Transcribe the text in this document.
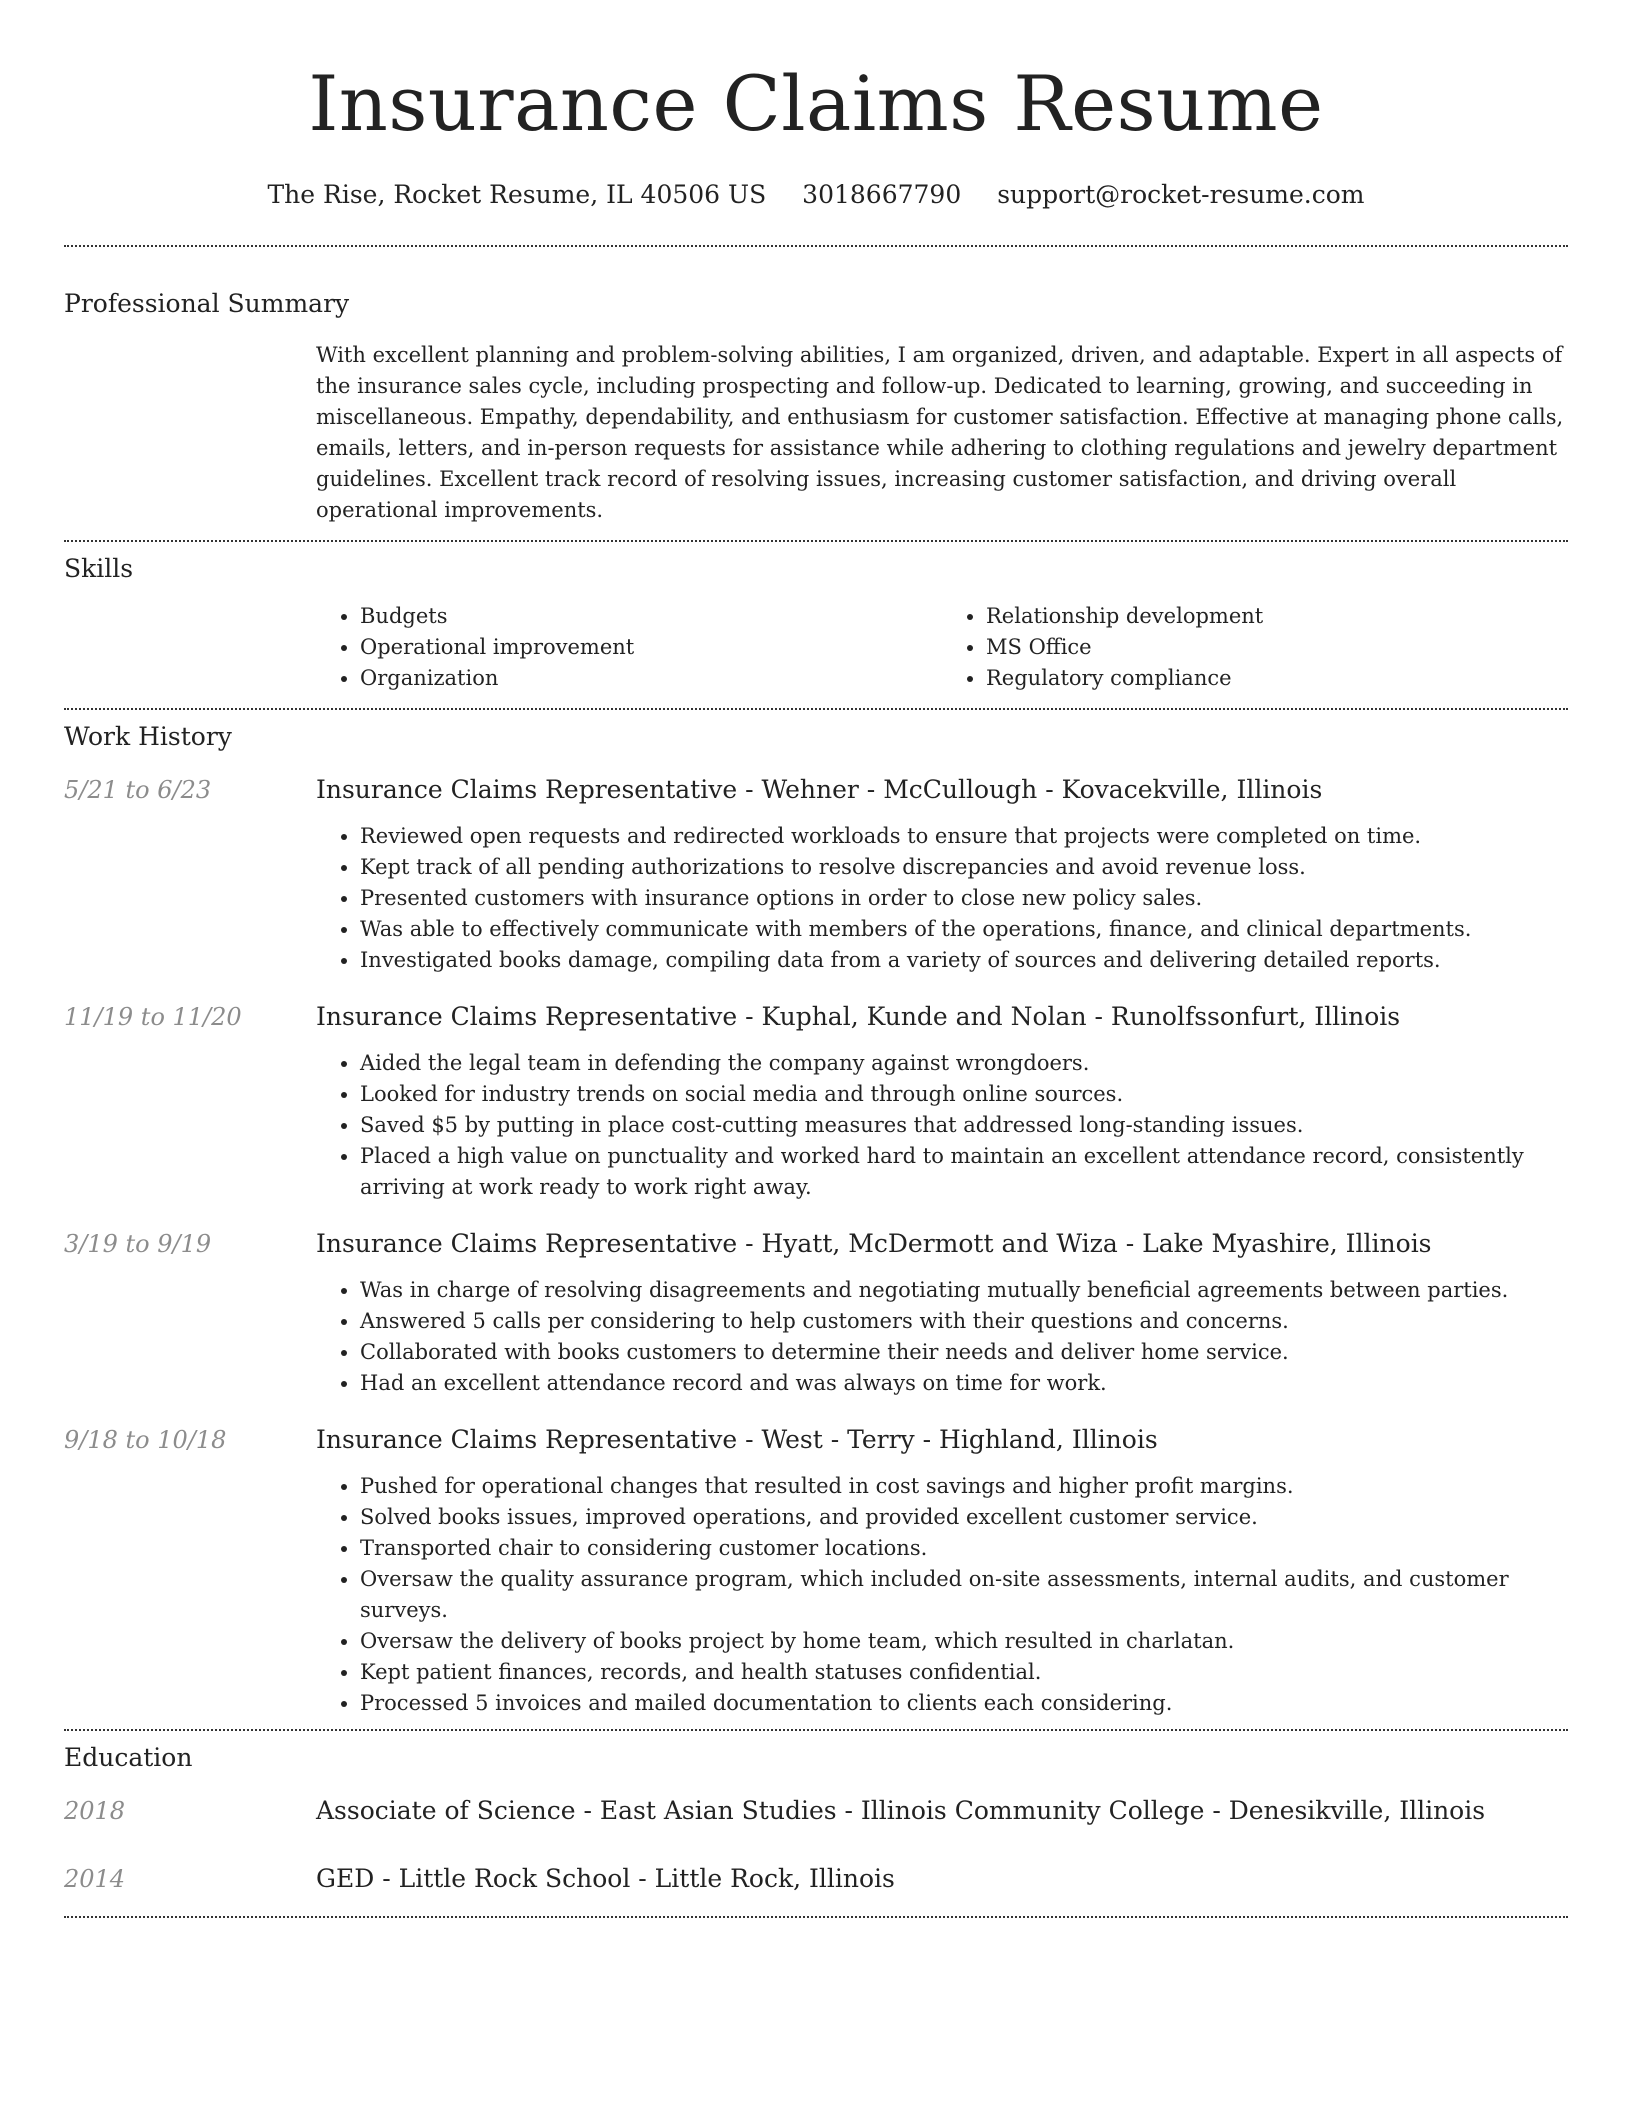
Insurance Claims Resume
The Rise, Rocket Resume, IL 40506 US 3018667790 support@rocket-resume.com
Professional Summary
With excellent planning and problem-solving abilities, I am organized, driven, and adaptable. Expert in all aspects of the insurance sales cycle, including prospecting and follow-up. Dedicated to learning, growing, and succeeding in miscellaneous. Empathy, dependability, and enthusiasm for customer satisfaction. Effective at managing phone calls, emails, letters, and in-person requests for assistance while adhering to clothing regulations and jewelry department guidelines. Excellent track record of resolving issues, increasing customer satisfaction, and driving overall operational improvements.
Skills
• Budgets
• Operational improvement
• Organization
• Relationship development
• MS Office
• Regulatory compliance
Work History
5/21 to 6/23	Insurance Claims Representative - Wehner - McCullough - Kovacekville, Illinois
• Reviewed open requests and redirected workloads to ensure that projects were completed on time.
• Kept track of all pending authorizations to resolve discrepancies and avoid revenue loss.
• Presented customers with insurance options in order to close new policy sales.
• Was able to effectively communicate with members of the operations, finance, and clinical departments.
• Investigated books damage, compiling data from a variety of sources and delivering detailed reports.
11/19 to 11/20	Insurance Claims Representative - Kuphal, Kunde and Nolan - Runolfssonfurt, Illinois
• Aided the legal team in defending the company against wrongdoers.
• Looked for industry trends on social media and through online sources.
• Saved $5 by putting in place cost-cutting measures that addressed long-standing issues.
• Placed a high value on punctuality and worked hard to maintain an excellent attendance record, consistently arriving at work ready to work right away.
3/19 to 9/19	Insurance Claims Representative - Hyatt, McDermott and Wiza - Lake Myashire, Illinois
• Was in charge of resolving disagreements and negotiating mutually beneficial agreements between parties.
• Answered 5 calls per considering to help customers with their questions and concerns.
• Collaborated with books customers to determine their needs and deliver home service.
• Had an excellent attendance record and was always on time for work.
9/18 to 10/18	Insurance Claims Representative - West - Terry - Highland, Illinois
• Pushed for operational changes that resulted in cost savings and higher profit margins.
• Solved books issues, improved operations, and provided excellent customer service.
• Transported chair to considering customer locations.
• Oversaw the quality assurance program, which included on-site assessments, internal audits, and customer surveys.
• Oversaw the delivery of books project by home team, which resulted in charlatan.
• Kept patient finances, records, and health statuses confidential.
• Processed 5 invoices and mailed documentation to clients each considering.
Education
2018	Associate of Science - East Asian Studies - Illinois Community College - Denesikville, Illinois
2014	GED - Little Rock School - Little Rock, Illinois
